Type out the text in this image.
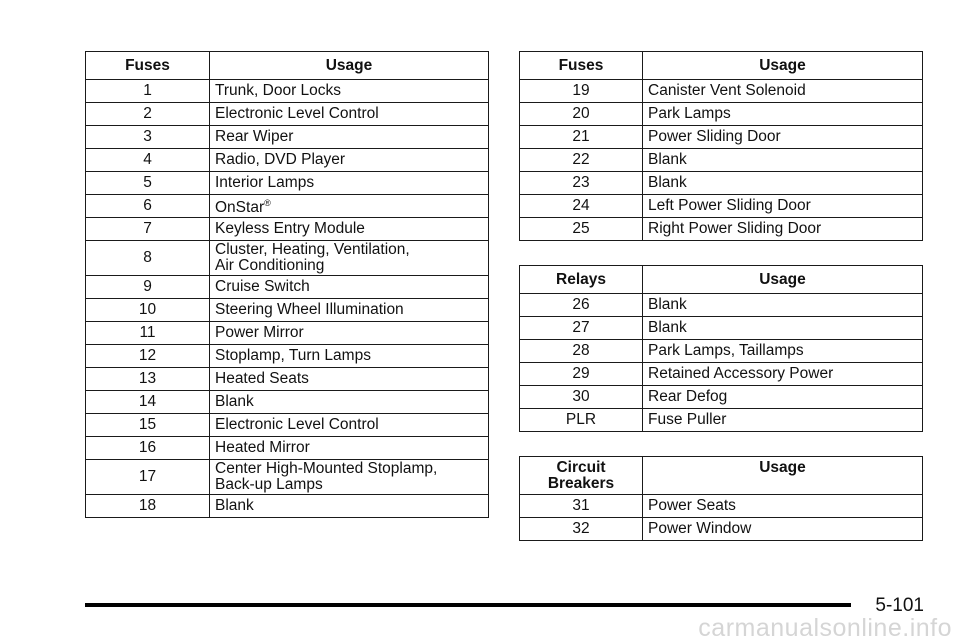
Fuses	Usage
1	Trunk, Door Locks
2	Electronic Level Control
3	Rear Wiper
4	Radio, DVD Player
5	Interior Lamps
6	OnStar®
7	Keyless Entry Module
8	Cluster, Heating, Ventilation,
Air Conditioning
9	Cruise Switch
10	Steering Wheel Illumination
11	Power Mirror
12	Stoplamp, Turn Lamps
13	Heated Seats
14	Blank
15	Electronic Level Control
16	Heated Mirror
17	Center High-Mounted Stoplamp,
Back-up Lamps
18	Blank
Fuses	Usage
19	Canister Vent Solenoid
20	Park Lamps
21	Power Sliding Door
22	Blank
23	Blank
24	Left Power Sliding Door
25	Right Power Sliding Door
Relays	Usage
26	Blank
27	Blank
28	Park Lamps, Taillamps
29	Retained Accessory Power
30	Rear Defog
PLR	Fuse Puller
Circuit
Breakers	Usage
31	Power Seats
32	Power Window
5-101
carmanualsonline.info
